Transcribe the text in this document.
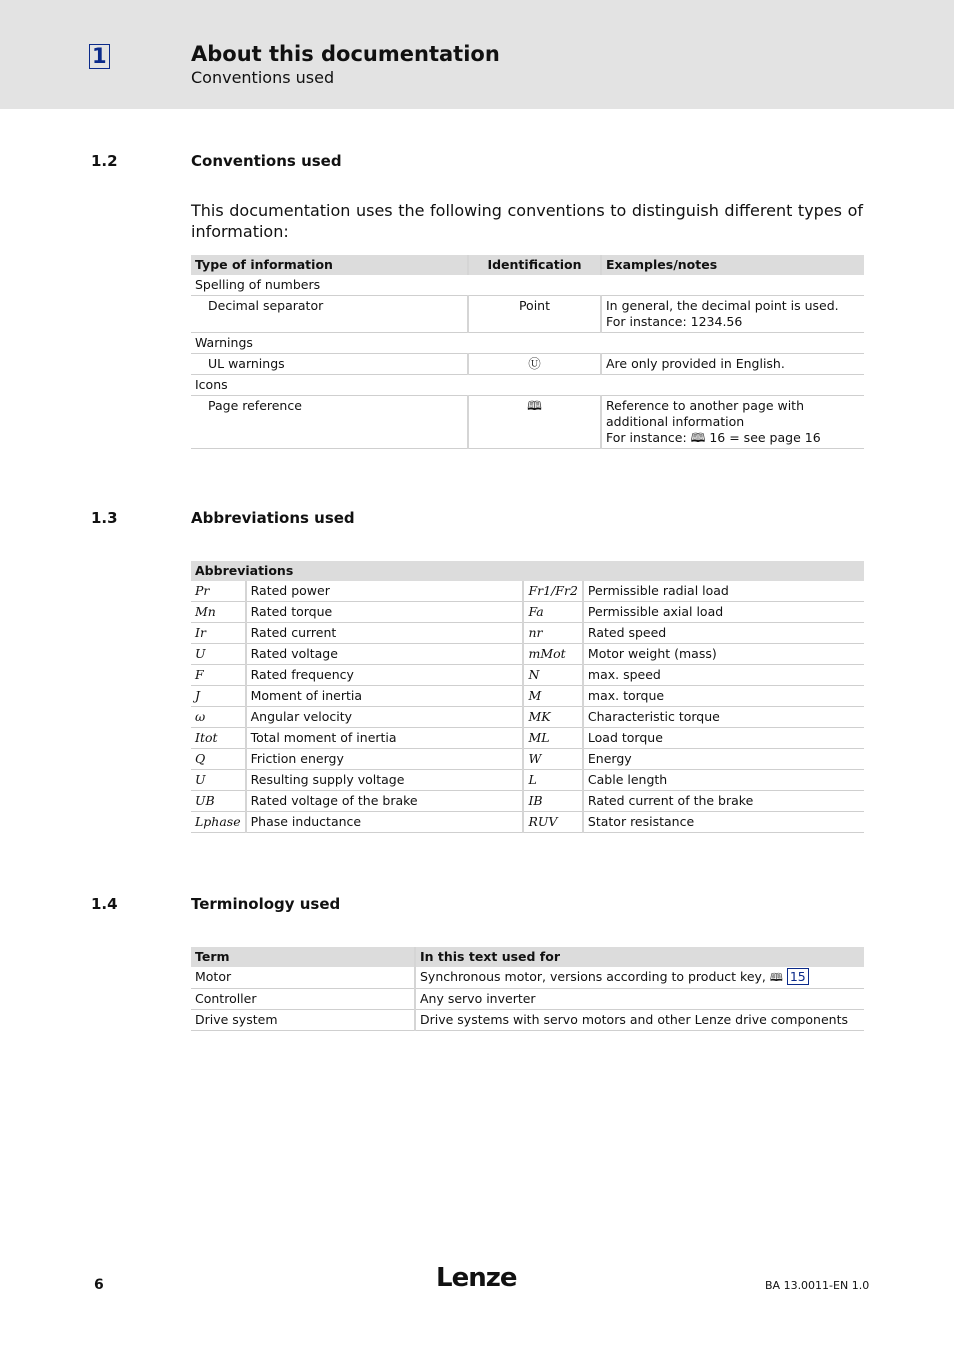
1	About this documentation
Conventions used
1.2	Conventions used
This documentation uses the following conventions to distinguish different types of information:
Type of information	Identification	Examples/notes
Spelling of numbers		
Decimal separator	Point	In general, the decimal point is used.
For instance: 1234.56

Warnings		
UL warnings	Ⓤ	Are only provided in English.
Icons		
Page reference	🕮	Reference to another page with additional information
For instance: 🕮 16 = see page 16
1.3	Abbreviations used
Abbreviations			
Pr	Rated power	Fr1/Fr2	Permissible radial load
Mn	Rated torque	Fa	Permissible axial load
Ir	Rated current	nr	Rated speed
U	Rated voltage	mMot	Motor weight (mass)
F	Rated frequency	N	max. speed
J	Moment of inertia	M	max. torque
ω	Angular velocity	MK	Characteristic torque
Itot	Total moment of inertia	ML	Load torque
Q	Friction energy	W	Energy
U	Resulting supply voltage	L	Cable length
UB	Rated voltage of the brake	IB	Rated current of the brake
Lphase	Phase inductance	RUV	Stator resistance
1.4	Terminology used
Term	In this text used for
Motor	Synchronous motor, versions according to product key, 🕮 15
Controller	Any servo inverter
Drive system	Drive systems with servo motors and other Lenze drive components
6	Lenze	BA 13.0011-EN 1.0
